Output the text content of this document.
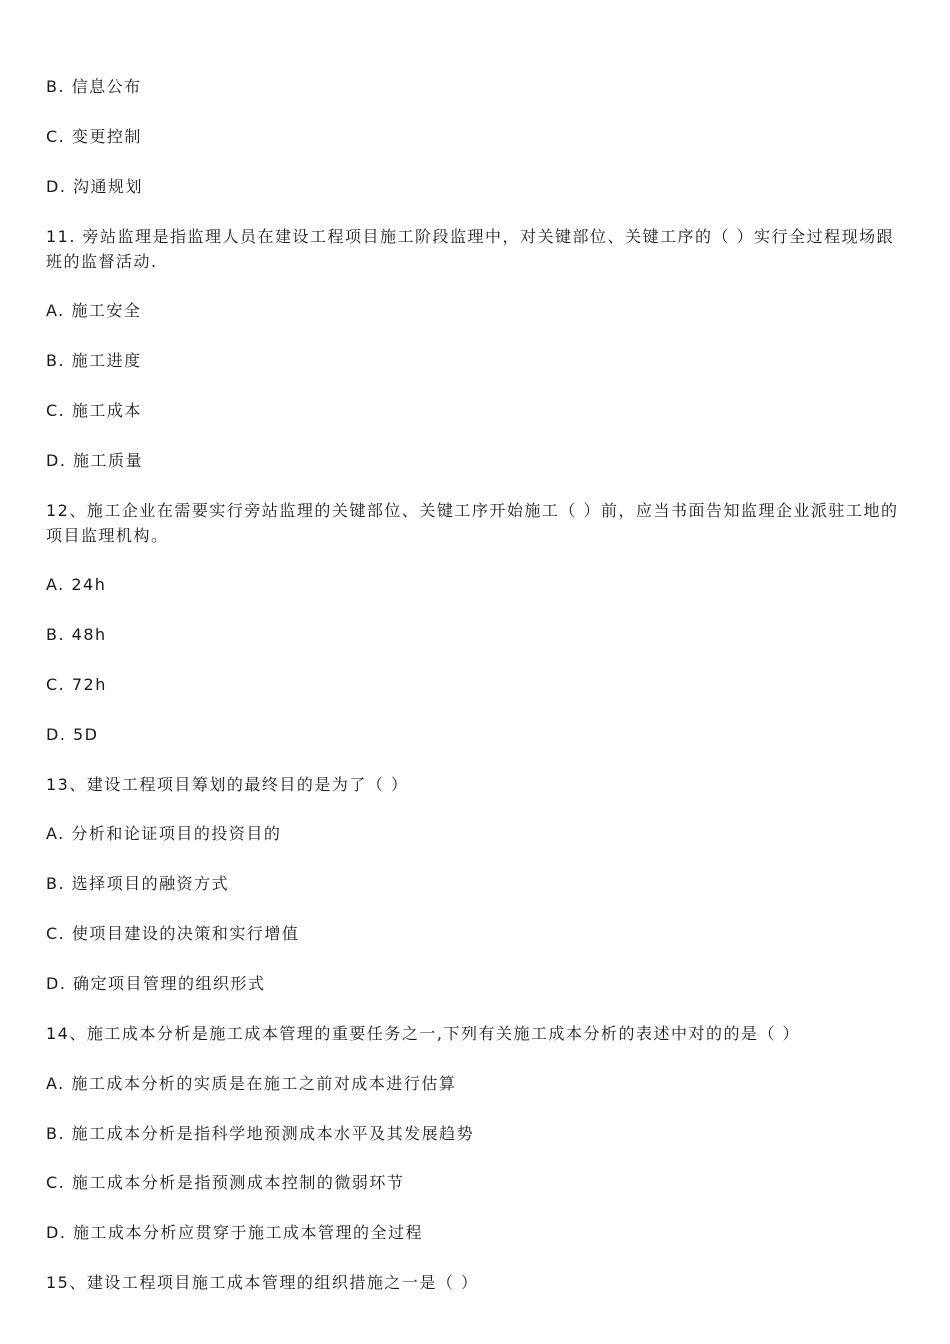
B. 信息公布
C. 变更控制
D. 沟通规划
11. 旁站监理是指监理人员在建设工程项目施工阶段监理中，对关键部位、关键工序的（ ）实行全过程现场跟班的监督活动.
A. 施工安全
B. 施工进度
C. 施工成本
D. 施工质量
12、施工企业在需要实行旁站监理的关键部位、关键工序开始施工（ ）前，应当书面告知监理企业派驻工地的项目监理机构。
A. 24h
B. 48h
C. 72h
D. 5D
13、建设工程项目筹划的最终目的是为了（ ）
A. 分析和论证项目的投资目的
B. 选择项目的融资方式
C. 使项目建设的决策和实行增值
D. 确定项目管理的组织形式
14、施工成本分析是施工成本管理的重要任务之一,下列有关施工成本分析的表述中对的的是（ ）
A. 施工成本分析的实质是在施工之前对成本进行估算
B. 施工成本分析是指科学地预测成本水平及其发展趋势
C. 施工成本分析是指预测成本控制的微弱环节
D. 施工成本分析应贯穿于施工成本管理的全过程
15、建设工程项目施工成本管理的组织措施之一是（ ）
